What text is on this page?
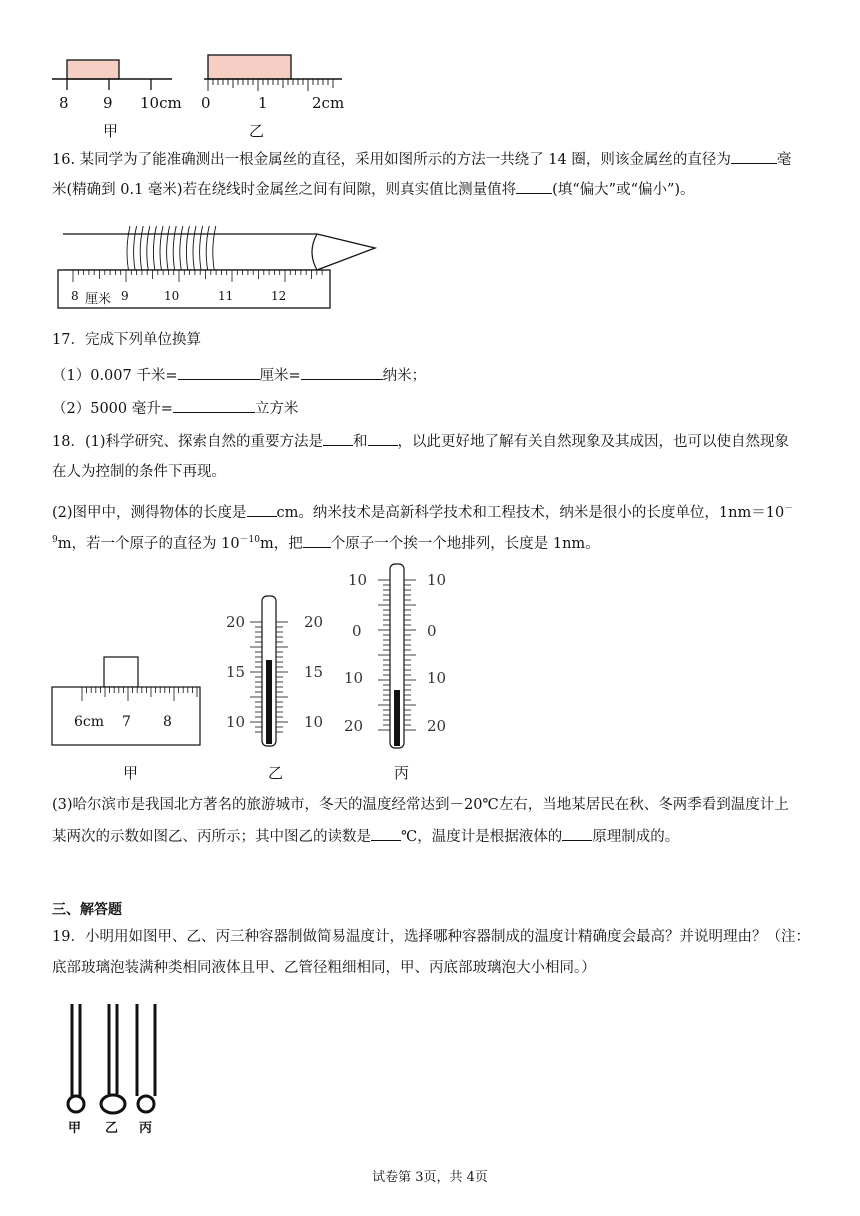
8 9 10cm 0	1	2cm
甲	乙
16. 某同学为了能准确测出一根金属丝的直径，采用如图所示的方法一共绕了 14 圈，则该金属丝的直径为	毫
米(精确到 0.1 毫米)若在绕线时金属丝之间有间隙，则真实值比测量值将 (填“偏大”或“偏小”)。
8 厘米 9	10	11	12
17．完成下列单位换算
（1）0.007 千米=	厘米=	纳米；
（2）5000 毫升=	立方米
18．(1)科学研究、探索自然的重要方法是 和 ，以此更好地了解有关自然现象及其成因，也可以使自然现象
在人为控制的条件下再现。
(2)图甲中，测得物体的长度是 cm。纳米技术是高新科学技术和工程技术，纳米是很小的长度单位，1nm＝10－
$^9$m，若一个原子的直径为 $10^{-10}m$，把 个原子一个挨一个地排列，长度是 1nm。
6cm 7 8
20
15
10
20
15
10
10
0
10
20
10
0
10
20
甲	乙	丙
(3)哈尔滨市是我国北方著名的旅游城市，冬天的温度经常达到－20℃左右，当地某居民在秋、冬两季看到温度计上
某两次的示数如图乙、丙所示；其中图乙的读数是 ℃，温度计是根据液体的 原理制成的。
三、解答题
19．小明用如图甲、乙、丙三种容器制做简易温度计，选择哪种容器制成的温度计精确度会最高？并说明理由？（注：
底部玻璃泡装满种类相同液体且甲、乙管径粗细相同，甲、丙底部玻璃泡大小相同。）
甲 乙 丙
试卷第 3页，共 4页
